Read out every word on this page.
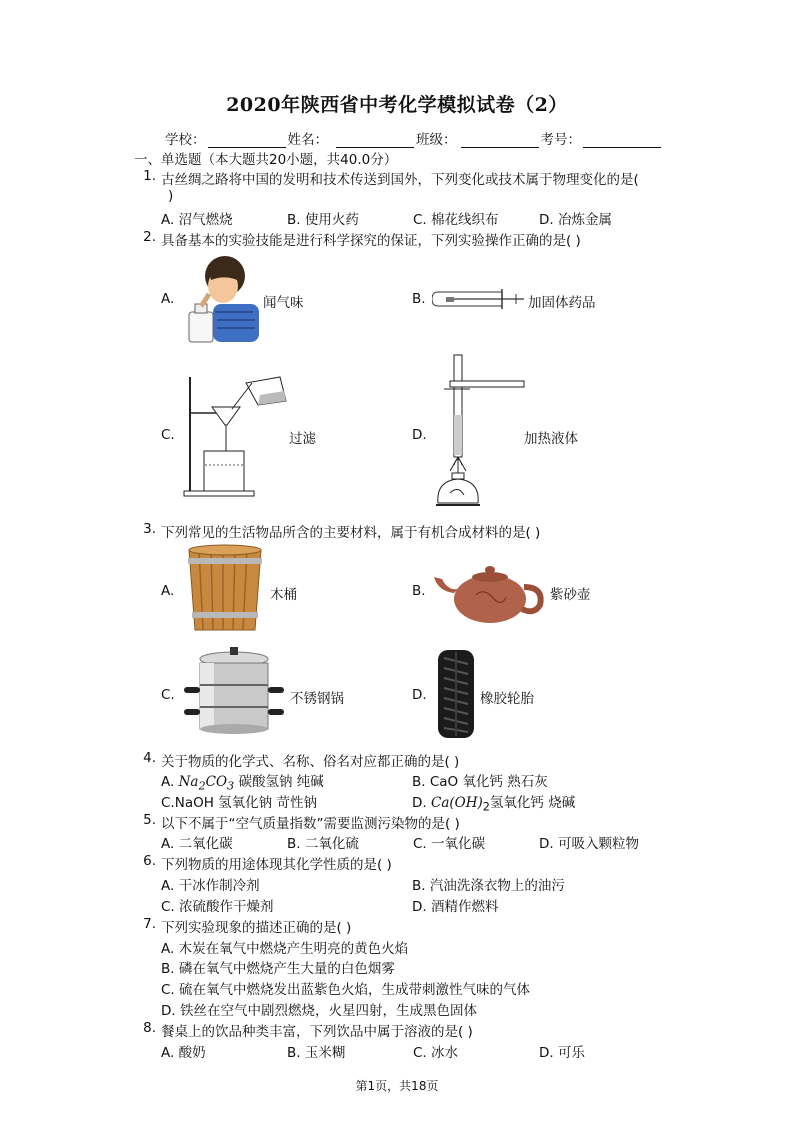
2020年陕西省中考化学模拟试卷（2）
学校：	姓名：	班级：	考号：
一、单选题（本大题共20小题，共40.0分）
1. 古丝绸之路将中国的发明和技术传送到国外，下列变化或技术属于物理变化的是(
)
A. 沼气燃烧	B. 使用火药	C. 棉花线织布	D. 冶炼金属
2. 具备基本的实验技能是进行科学探究的保证，下列实验操作正确的是( )
A.	闻气味	B.	加固体药品
C.	过滤	D.	加热液体
3. 下列常见的生活物品所含的主要材料，属于有机合成材料的是( )
A.	木桶	B.	紫砂壶
C.	不锈钢锅	D.	橡胶轮胎
4. 关于物质的化学式、名称、俗名对应都正确的是( )
A. $Na_2CO_3$ 碳酸氢钠 纯碱	B. CaO 氧化钙 熟石灰
C.NaOH 氢氧化钠 苛性钠	D. $Ca(OH)_2$氢氧化钙 烧碱
5. 以下不属于“空气质量指数”需要监测污染物的是( )
A. 二氧化碳	B. 二氧化硫	C. 一氧化碳	D. 可吸入颗粒物
6. 下列物质的用途体现其化学性质的是( )
A. 干冰作制冷剂	B. 汽油洗涤衣物上的油污
C. 浓硫酸作干燥剂	D. 酒精作燃料
7. 下列实验现象的描述正确的是( )
A. 木炭在氧气中燃烧产生明亮的黄色火焰
B. 磷在氧气中燃烧产生大量的白色烟雾
C. 硫在氧气中燃烧发出蓝紫色火焰，生成带刺激性气味的气体
D. 铁丝在空气中剧烈燃烧，火星四射，生成黑色固体
8. 餐桌上的饮品种类丰富，下列饮品中属于溶液的是( )
A. 酸奶	B. 玉米糊	C. 冰水	D. 可乐
第1页，共18页
